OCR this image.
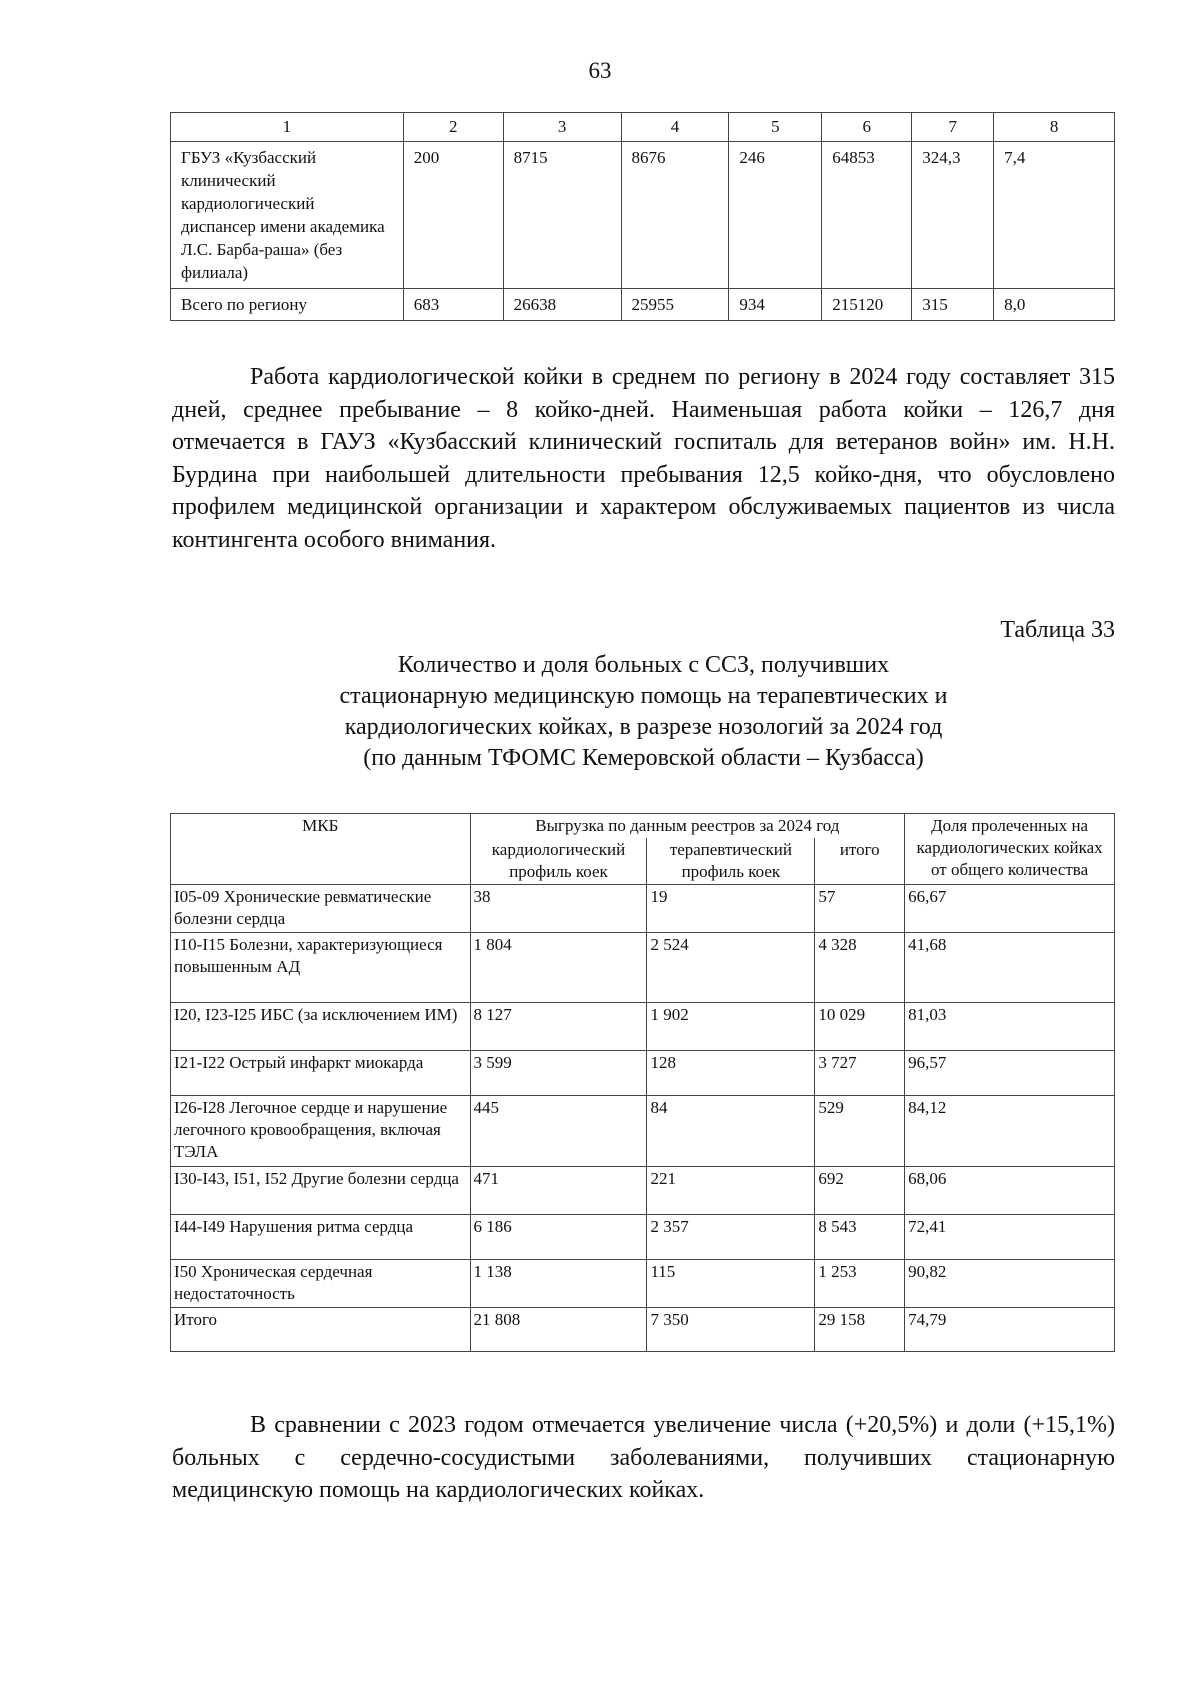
63
1	2	3	4	5	6	7	8
ГБУЗ «Кузбасский клинический кардиологический диспансер имени академика Л.С. Барба-раша» (без филиала)	200	8715	8676	246	64853	324,3	7,4
Всего по региону	683	26638	25955	934	215120	315	8,0
Работа кардиологической койки в среднем по региону в 2024 году составляет 315 дней, среднее пребывание – 8 койко-дней. Наименьшая работа койки – 126,7 дня отмечается в ГАУЗ «Кузбасский клинический госпиталь для ветеранов войн» им. Н.Н. Бурдина при наибольшей длительности пребывания 12,5 койко-дня, что обусловлено профилем медицинской организации и характером обслуживаемых пациентов из числа контингента особого внимания.
Таблица 33
Количество и доля больных с ССЗ, получивших
стационарную медицинскую помощь на терапевтических и
кардиологических койках, в разрезе нозологий за 2024 год
(по данным ТФОМС Кемеровской области – Кузбасса)
МКБ	Выгрузка по данным реестров за 2024 год			Доля пролеченных на кардиологических койках от общего количества
	кардиологический профиль коек	терапевтический профиль коек	итого	
I05-09 Хронические ревматические болезни сердца	38	19	57	66,67
I10-I15 Болезни, характеризующиеся повышенным АД	1 804	2 524	4 328	41,68
I20, I23-I25 ИБС (за исключением ИМ)	8 127	1 902	10 029	81,03
I21-I22 Острый инфаркт миокарда	3 599	128	3 727	96,57
I26-I28 Легочное сердце и нарушение легочного кровообращения, включая ТЭЛА	445	84	529	84,12
I30-I43, I51, I52 Другие болезни сердца	471	221	692	68,06
I44-I49 Нарушения ритма сердца	6 186	2 357	8 543	72,41
I50 Хроническая сердечная недостаточность	1 138	115	1 253	90,82
Итого	21 808	7 350	29 158	74,79
В сравнении с 2023 годом отмечается увеличение числа (+20,5%) и доли (+15,1%) больных с сердечно-сосудистыми заболеваниями, получивших стационарную медицинскую помощь на кардиологических койках.
